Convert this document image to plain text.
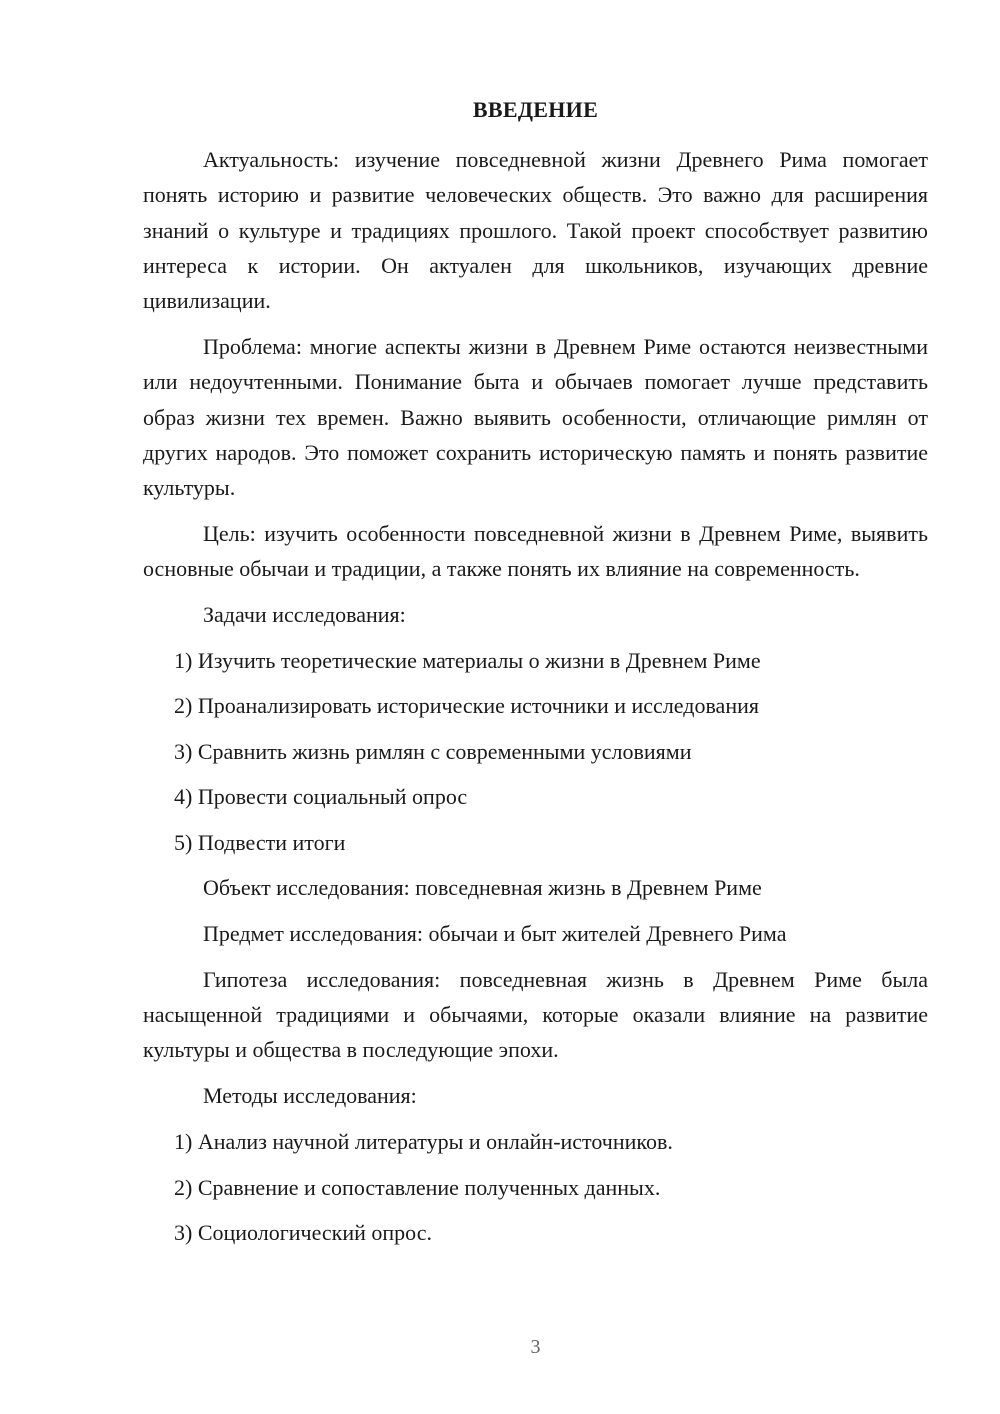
ВВЕДЕНИЕ

Актуальность: изучение повседневной жизни Древнего Рима помогает понять историю и развитие человеческих обществ. Это важно для расширения знаний о культуре и традициях прошлого. Такой проект способствует развитию интереса к истории. Он актуален для школьников, изучающих древние цивилизации.

Проблема: многие аспекты жизни в Древнем Риме остаются неизвестными или недоучтенными. Понимание быта и обычаев помогает лучше представить образ жизни тех времен. Важно выявить особенности, отличающие римлян от других народов. Это поможет сохранить историческую память и понять развитие культуры.

Цель: изучить особенности повседневной жизни в Древнем Риме, выявить основные обычаи и традиции, а также понять их влияние на современность.

Задачи исследования:

1) Изучить теоретические материалы о жизни в Древнем Риме

2) Проанализировать исторические источники и исследования

3) Сравнить жизнь римлян с современными условиями

4) Провести социальный опрос

5) Подвести итоги

Объект исследования: повседневная жизнь в Древнем Риме

Предмет исследования: обычаи и быт жителей Древнего Рима

Гипотеза исследования: повседневная жизнь в Древнем Риме была насыщенной традициями и обычаями, которые оказали влияние на развитие культуры и общества в последующие эпохи.

Методы исследования:

1) Анализ научной литературы и онлайн-источников.

2) Сравнение и сопоставление полученных данных.

3) Социологический опрос.

3
